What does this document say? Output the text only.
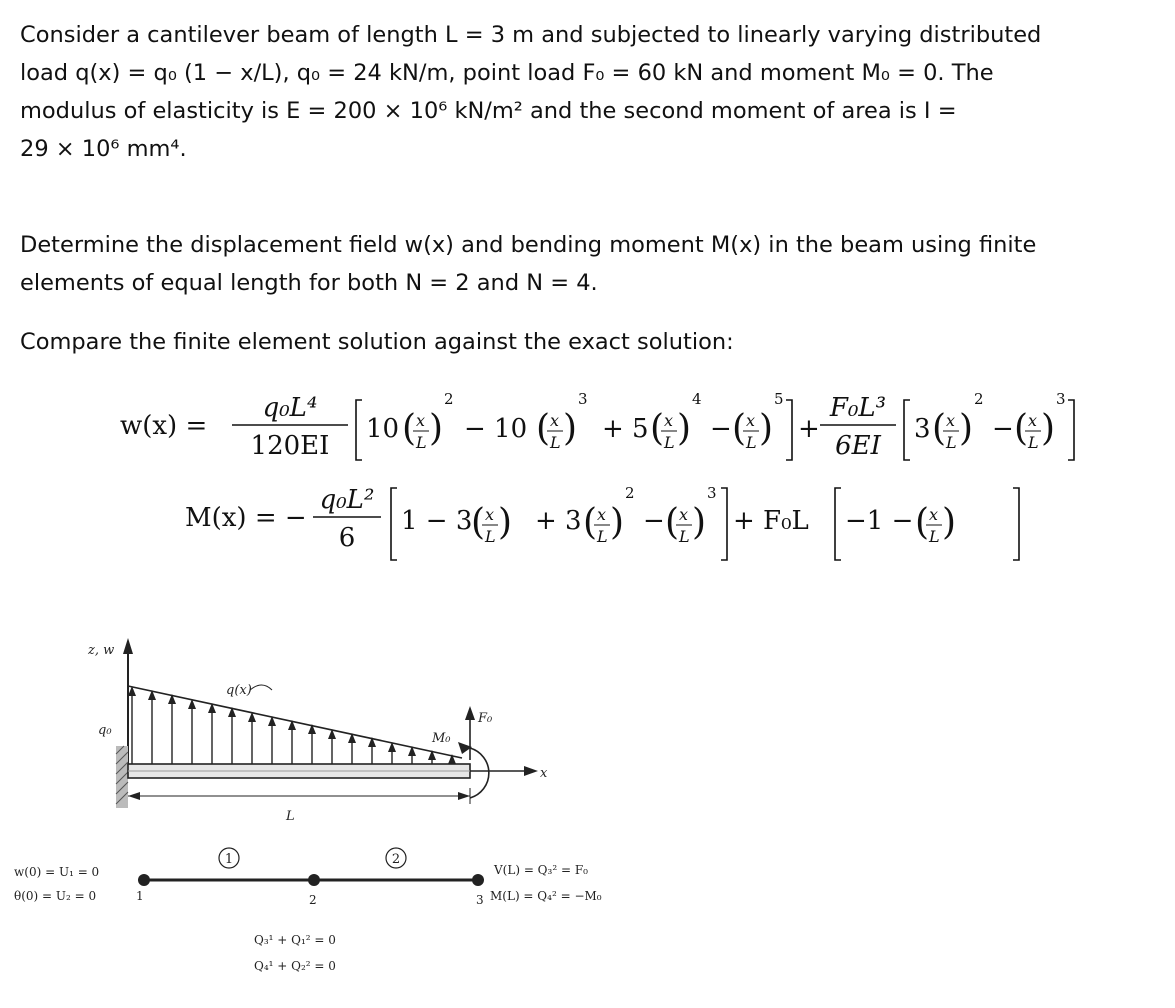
Consider a cantilever beam of length L = 3 m and subjected to linearly varying distributed
load q(x) = q₀ (1 − x/L), q₀ = 24 kN/m, point load F₀ = 60 kN and moment M₀ = 0. The
modulus of elasticity is E = 200 × 10⁶ kN/m² and the second moment of area is I =
29 × 10⁶ mm⁴.
Determine the displacement field w(x) and bending moment M(x) in the beam using finite
elements of equal length for both N = 2 and N = 4.
Compare the finite element solution against the exact solution:
w(x) =
q₀L⁴
120EI
10 ( x
L )
2
− 10 ( x
L )
3
+ 5 ( x
L )
4
− ( x
L )
5
+
F₀L³
6EI
3 ( x
L )
2
− ( x
L )
3
M(x) = −
q₀L²
6
1 − 3
( x
L ) + 3 ( x
L )
2
− ( x
L )
3
+ F₀L −1 − ( x
L )
z, w
x
q(x)
q₀
F₀
M₀
L
1	2
w(0) = U₁ = 0
θ(0) = U₂ = 0	1	2	3
V(L) = Q₃² = F₀
M(L) = Q₄² = −M₀
Q₃¹ + Q₁² = 0
Q₄¹ + Q₂² = 0
